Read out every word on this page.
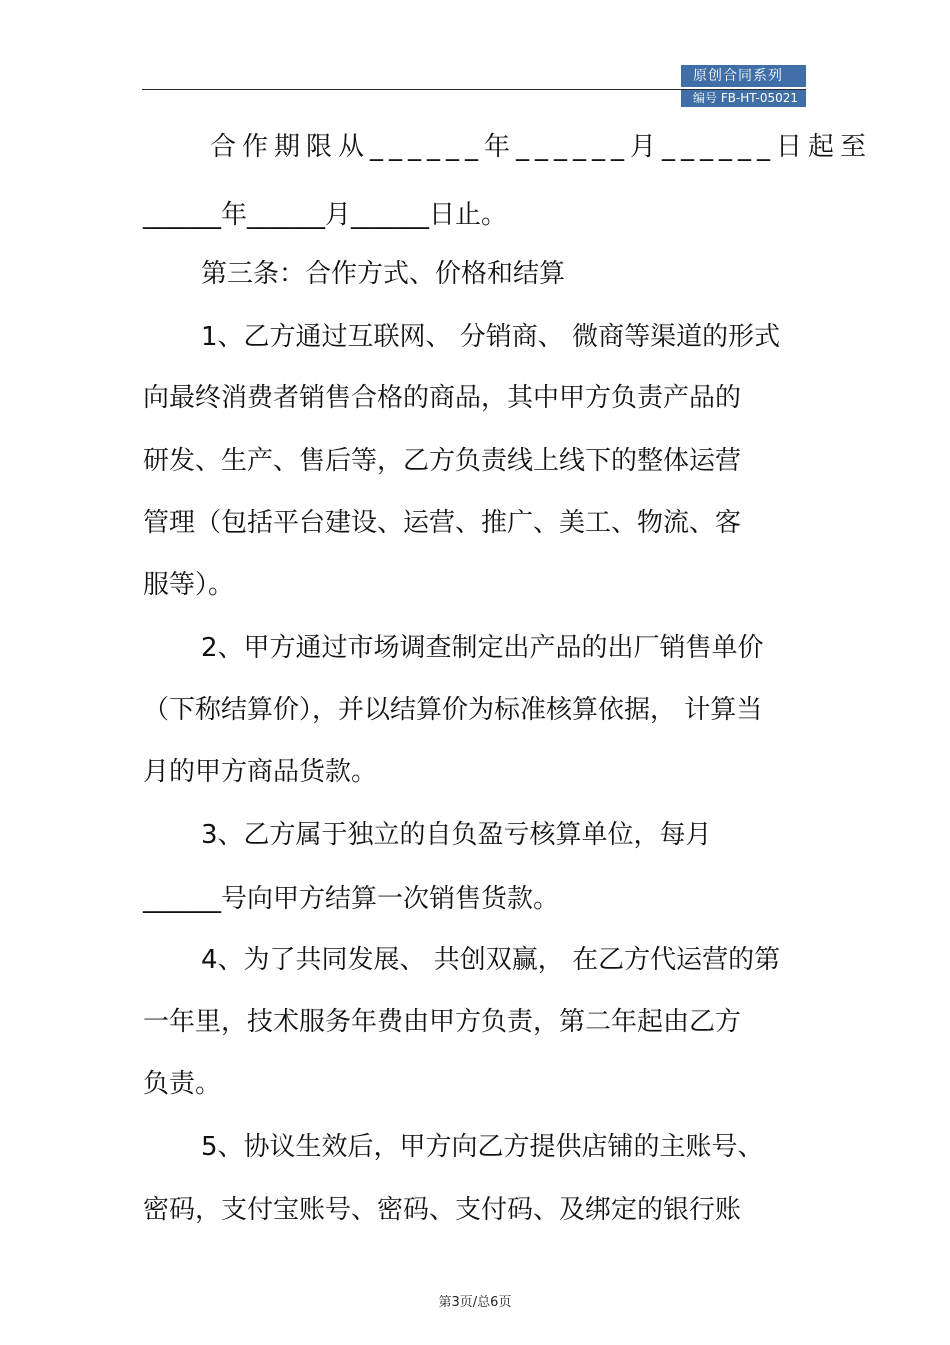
原创合同系列
编号 FB-HT-05021
合作期限从______年______月______日起至
______年______月______日止。
第三条：合作方式、价格和结算
1、乙方通过互联网、 分销商、 微商等渠道的形式
向最终消费者销售合格的商品，其中甲方负责产品的
研发、生产、售后等，乙方负责线上线下的整体运营
管理（包括平台建设、运营、推广、美工、物流、客
服等）。
2、甲方通过市场调查制定出产品的出厂销售单价
（下称结算价），并以结算价为标准核算依据， 计算当
月的甲方商品货款。
3、乙方属于独立的自负盈亏核算单位，每月
______号向甲方结算一次销售货款。
4、为了共同发展、 共创双赢， 在乙方代运营的第
一年里，技术服务年费由甲方负责，第二年起由乙方
负责。
5、协议生效后，甲方向乙方提供店铺的主账号、
密码，支付宝账号、密码、支付码、及绑定的银行账
第3页/总6页
